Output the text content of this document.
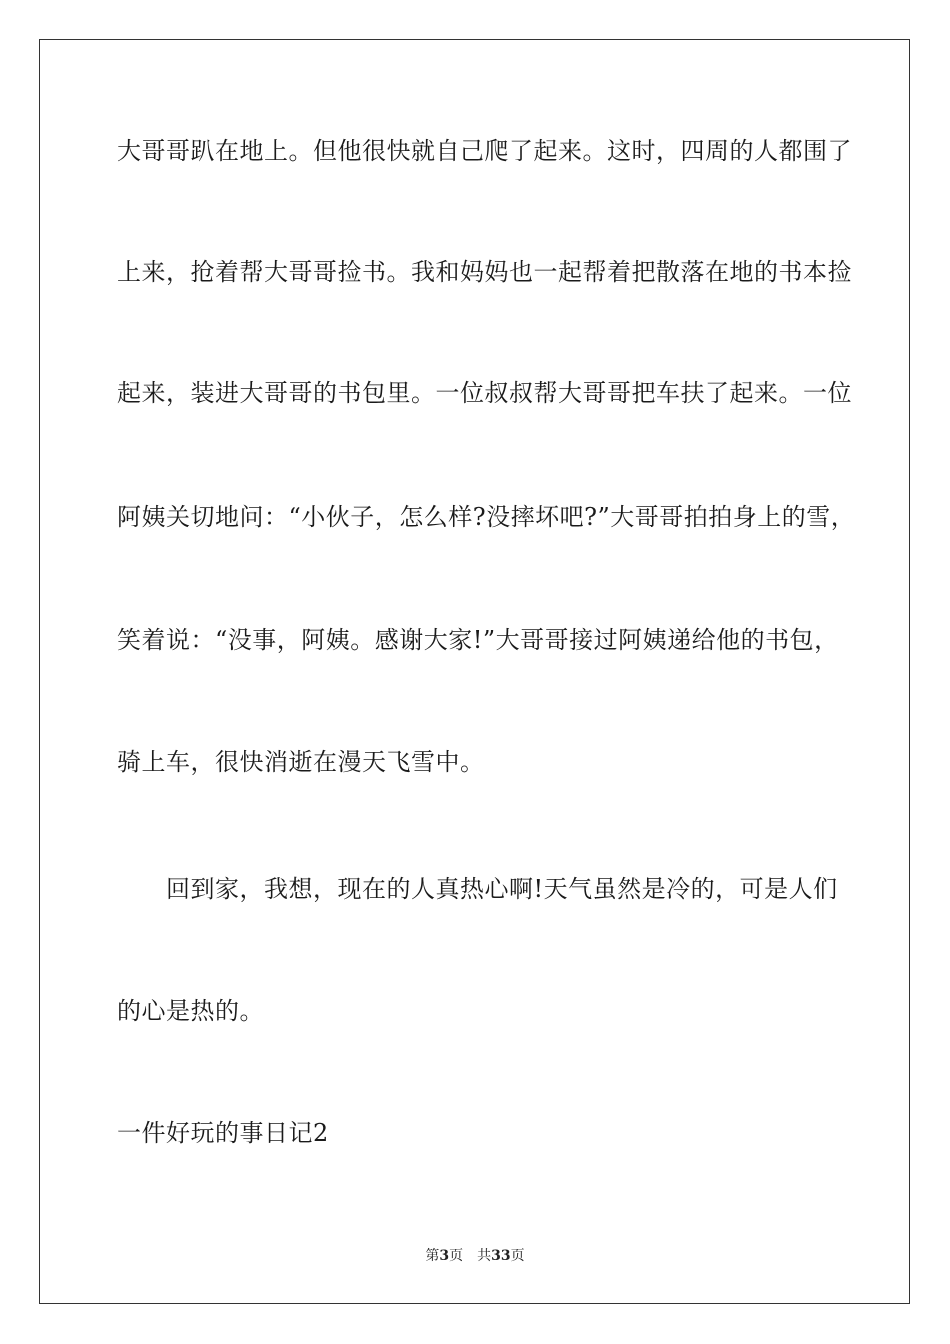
大哥哥趴在地上。但他很快就自己爬了起来。这时，四周的人都围了
上来，抢着帮大哥哥捡书。我和妈妈也一起帮着把散落在地的书本捡
起来，装进大哥哥的书包里。一位叔叔帮大哥哥把车扶了起来。一位
阿姨关切地问：“小伙子，怎么样?没摔坏吧?”大哥哥拍拍身上的雪，
笑着说：“没事，阿姨。感谢大家!”大哥哥接过阿姨递给他的书包，
骑上车，很快消逝在漫天飞雪中。
　　回到家，我想，现在的人真热心啊!天气虽然是冷的，可是人们
的心是热的。
一件好玩的事日记2
第3页 共33页
